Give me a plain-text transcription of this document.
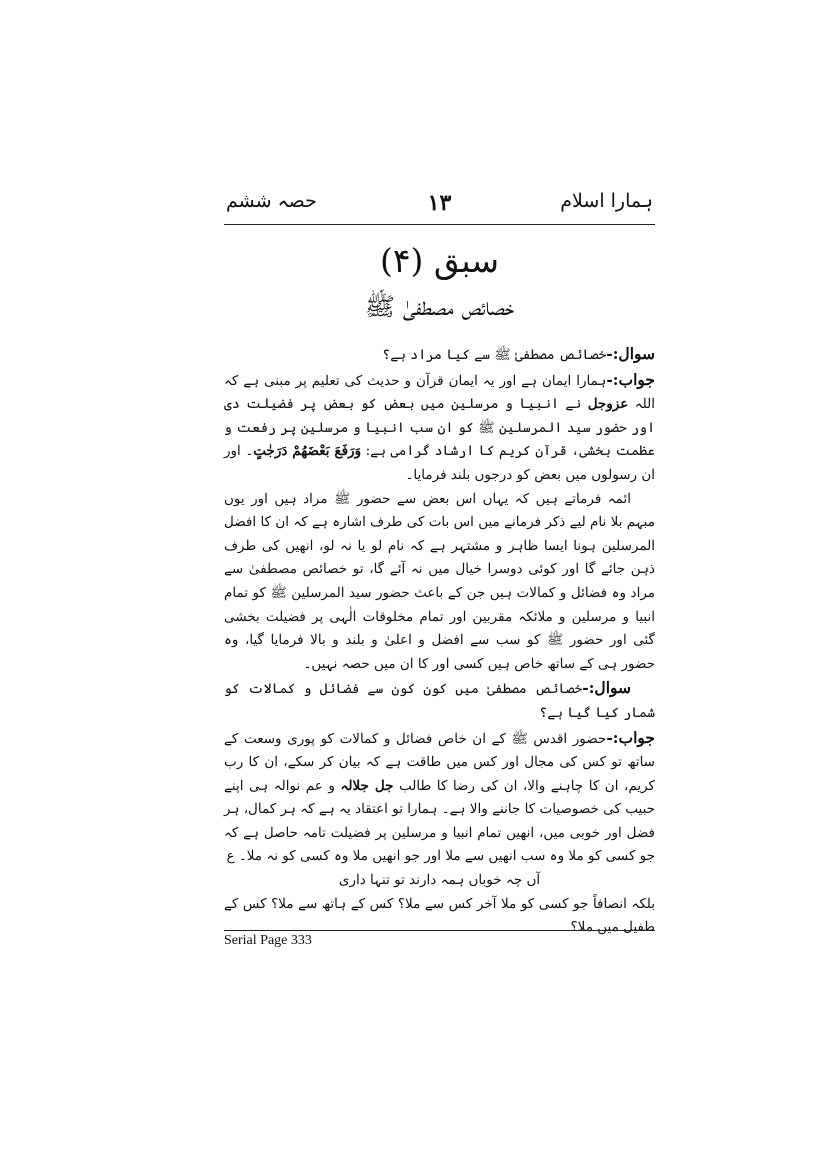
ہمارا اسلام
۱۳
حصہ ششم
سبق (۴)
خصائص مصطفیٰ ﷺ

سوال:-خصائص مصطفیٰ ﷺ سے کیا مراد ہے؟

جواب:-ہمارا ایمان ہے اور یہ ایمان قرآن و حدیث کی تعلیم پر مبنی ہے کہ اللہ عزوجل نے انبیا و مرسلین میں بعض کو بعض پر فضیلت دی اور حضور سید المرسلین ﷺ کو ان سب انبیا و مرسلین پر رفعت و عظمت بخشی، قرآن کریم کا ارشاد گرامی ہے: وَرَفَعَ بَعْضَهُمْ دَرَجٰتٍ۔ اور ان رسولوں میں بعض کو درجوں بلند فرمایا۔

ائمہ فرماتے ہیں کہ یہاں اس بعض سے حضور ﷺ مراد ہیں اور یوں مبہم بلا نام لیے ذکر فرمانے میں اس بات کی طرف اشارہ ہے کہ ان کا افضل المرسلین ہونا ایسا ظاہر و مشتہر ہے کہ نام لو یا نہ لو، انھیں کی طرف ذہن جائے گا اور کوئی دوسرا خیال میں نہ آئے گا، تو خصائص مصطفیٰ سے مراد وہ فضائل و کمالات ہیں جن کے باعث حضور سید المرسلین ﷺ کو تمام انبیا و مرسلین و ملائکہ مقربین اور تمام مخلوقات الٰہی پر فضیلت بخشی گئی اور حضور ﷺ کو سب سے افضل و اعلیٰ و بلند و بالا فرمایا گیا، وہ حضور ہی کے ساتھ خاص ہیں کسی اور کا ان میں حصہ نہیں۔

سوال:-خصائص مصطفیٰ میں کون کون سے فضائل و کمالات کو شمار کیا گیا ہے؟

جواب:-حضور اقدس ﷺ کے ان خاص فضائل و کمالات کو پوری وسعت کے ساتھ تو کس کی مجال اور کس میں طاقت ہے کہ بیان کر سکے، ان کا رب کریم، ان کا چاہنے والا، ان کی رضا کا طالب جل جلالہ و عم نوالہ ہی اپنے حبیب کی خصوصیات کا جاننے والا ہے۔ ہمارا تو اعتقاد یہ ہے کہ ہر کمال، ہر فضل اور خوبی میں، انھیں تمام انبیا و مرسلین پر فضیلت تامہ حاصل ہے کہ جو کسی کو ملا وہ سب انھیں سے ملا اور جو انھیں ملا وہ کسی کو نہ ملا۔ ع

آں چہ خوباں ہمہ دارند تو تنہا داری

بلکہ انصافاً جو کسی کو ملا آخر کس سے ملا؟ کس کے ہاتھ سے ملا؟ کس کے طفیل میں ملا؟

Serial Page 333
